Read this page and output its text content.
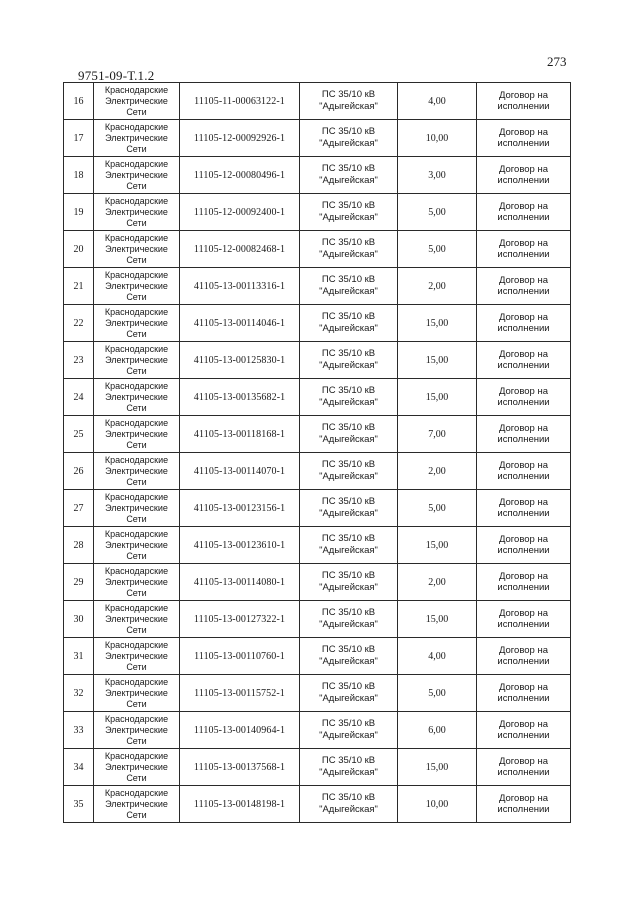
273
9751-09-Т.1.2
16	Краснодарские
Электрические
Сети	11105-11-00063122-1	ПС 35/10 кВ
"Адыгейская"	4,00	Договор на
исполнении

17	Краснодарские
Электрические
Сети	11105-12-00092926-1	ПС 35/10 кВ
"Адыгейская"	10,00	Договор на
исполнении

18	Краснодарские
Электрические
Сети	11105-12-00080496-1	ПС 35/10 кВ
"Адыгейская"	3,00	Договор на
исполнении

19	Краснодарские
Электрические
Сети	11105-12-00092400-1	ПС 35/10 кВ
"Адыгейская"	5,00	Договор на
исполнении

20	Краснодарские
Электрические
Сети	11105-12-00082468-1	ПС 35/10 кВ
"Адыгейская"	5,00	Договор на
исполнении

21	Краснодарские
Электрические
Сети	41105-13-00113316-1	ПС 35/10 кВ
"Адыгейская"	2,00	Договор на
исполнении

22	Краснодарские
Электрические
Сети	41105-13-00114046-1	ПС 35/10 кВ
"Адыгейская"	15,00	Договор на
исполнении

23	Краснодарские
Электрические
Сети	41105-13-00125830-1	ПС 35/10 кВ
"Адыгейская"	15,00	Договор на
исполнении

24	Краснодарские
Электрические
Сети	41105-13-00135682-1	ПС 35/10 кВ
"Адыгейская"	15,00	Договор на
исполнении

25	Краснодарские
Электрические
Сети	41105-13-00118168-1	ПС 35/10 кВ
"Адыгейская"	7,00	Договор на
исполнении

26	Краснодарские
Электрические
Сети	41105-13-00114070-1	ПС 35/10 кВ
"Адыгейская"	2,00	Договор на
исполнении

27	Краснодарские
Электрические
Сети	41105-13-00123156-1	ПС 35/10 кВ
"Адыгейская"	5,00	Договор на
исполнении

28	Краснодарские
Электрические
Сети	41105-13-00123610-1	ПС 35/10 кВ
"Адыгейская"	15,00	Договор на
исполнении

29	Краснодарские
Электрические
Сети	41105-13-00114080-1	ПС 35/10 кВ
"Адыгейская"	2,00	Договор на
исполнении

30	Краснодарские
Электрические
Сети	11105-13-00127322-1	ПС 35/10 кВ
"Адыгейская"	15,00	Договор на
исполнении

31	Краснодарские
Электрические
Сети	11105-13-00110760-1	ПС 35/10 кВ
"Адыгейская"	4,00	Договор на
исполнении

32	Краснодарские
Электрические
Сети	11105-13-00115752-1	ПС 35/10 кВ
"Адыгейская"	5,00	Договор на
исполнении

33	Краснодарские
Электрические
Сети	11105-13-00140964-1	ПС 35/10 кВ
"Адыгейская"	6,00	Договор на
исполнении

34	Краснодарские
Электрические
Сети	11105-13-00137568-1	ПС 35/10 кВ
"Адыгейская"	15,00	Договор на
исполнении

35	Краснодарские
Электрические
Сети	11105-13-00148198-1	ПС 35/10 кВ
"Адыгейская"	10,00	Договор на
исполнении
